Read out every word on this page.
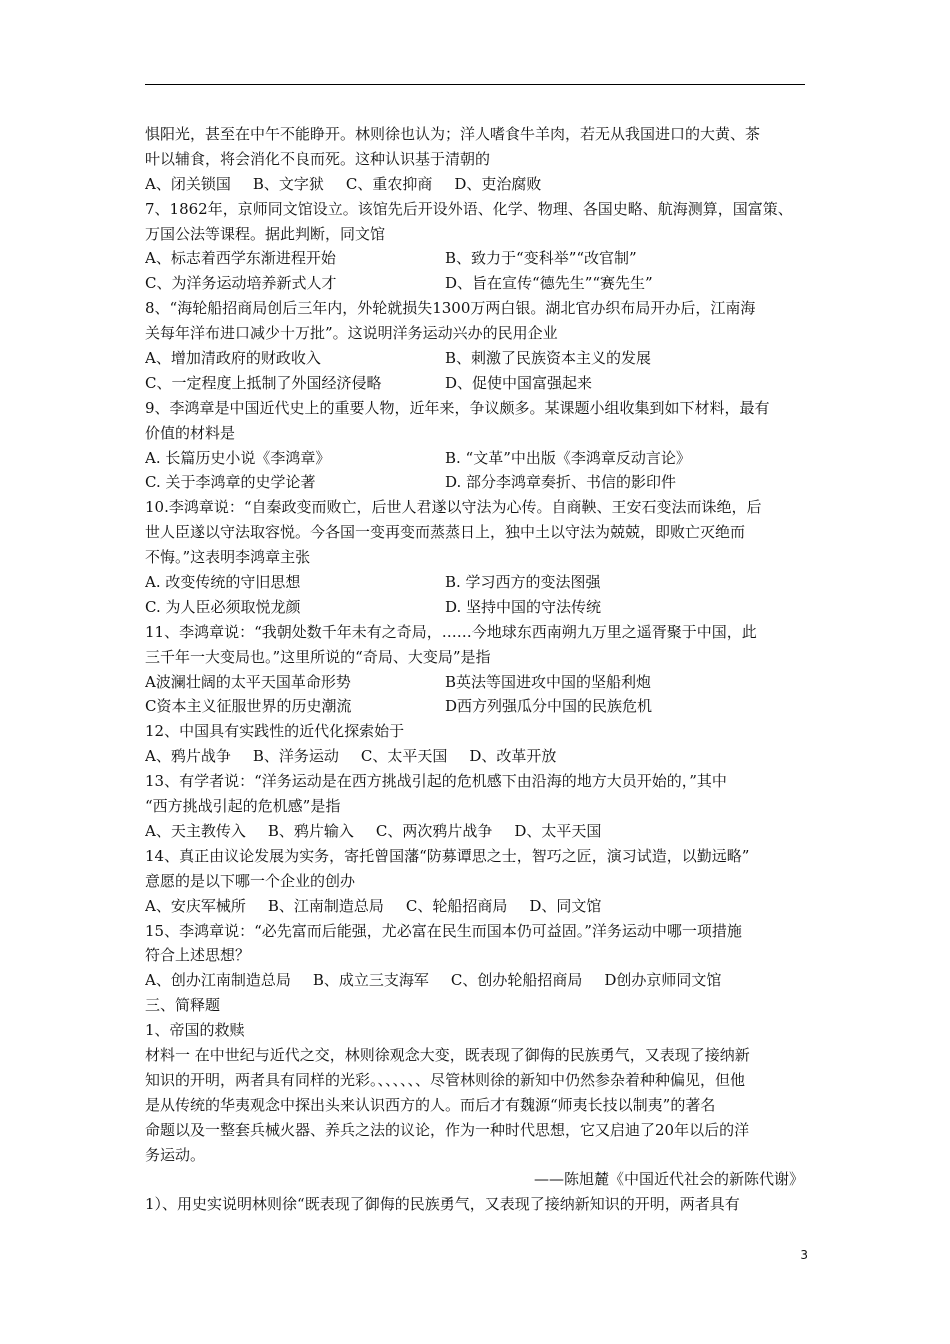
惧阳光，甚至在中午不能睁开。林则徐也认为；洋人嗜食牛羊肉，若无从我国进口的大黄、茶
叶以辅食，将会消化不良而死。这种认识基于清朝的
A、闭关锁国 B、文字狱 C、重农抑商 D、吏治腐败
7、1862年，京师同文馆设立。该馆先后开设外语、化学、物理、各国史略、航海测算，国富策、
万国公法等课程。据此判断，同文馆
A、标志着西学东渐进程开始	B、致力于“变科举”“改官制”
C、为洋务运动培养新式人才	D、旨在宣传“德先生”“赛先生”
8、“海轮船招商局创后三年内，外轮就损失1300万两白银。湖北官办织布局开办后，江南海
关每年洋布进口减少十万批”。这说明洋务运动兴办的民用企业
A、增加清政府的财政收入	B、刺激了民族资本主义的发展
C、一定程度上抵制了外国经济侵略	D、促使中国富强起来
9、李鸿章是中国近代史上的重要人物，近年来，争议颇多。某课题小组收集到如下材料，最有
价值的材料是
A. 长篇历史小说《李鸿章》	B. “文革”中出版《李鸿章反动言论》
C. 关于李鸿章的史学论著	D. 部分李鸿章奏折、书信的影印件
10.李鸿章说：“自秦政变而败亡，后世人君遂以守法为心传。自商鞅、王安石变法而诛绝，后
世人臣遂以守法取容悦。今各国一变再变而蒸蒸日上，独中土以守法为兢兢，即败亡灭绝而
不悔。”这表明李鸿章主张
A. 改变传统的守旧思想	B. 学习西方的变法图强
C. 为人臣必须取悦龙颜	D. 坚持中国的守法传统
11、李鸿章说：“我朝处数千年未有之奇局，……今地球东西南朔九万里之遥胥聚于中国，此
三千年一大变局也。”这里所说的“奇局、大变局”是指
A波澜壮阔的太平天国革命形势	B英法等国进攻中国的坚船利炮
C资本主义征服世界的历史潮流	D西方列强瓜分中国的民族危机
12、中国具有实践性的近代化探索始于
A、鸦片战争 B、洋务运动 C、太平天国 D、改革开放
13、有学者说：“洋务运动是在西方挑战引起的危机感下由沿海的地方大员开始的，”其中
“西方挑战引起的危机感”是指
A、天主教传入 B、鸦片输入 C、两次鸦片战争 D、太平天国
14、真正由议论发展为实务，寄托曾国藩“防募谭思之士，智巧之匠，演习试造，以勤远略”
意愿的是以下哪一个企业的创办
A、安庆军械所 B、江南制造总局 C、轮船招商局 D、同文馆
15、李鸿章说：“必先富而后能强，尤必富在民生而国本仍可益固。”洋务运动中哪一项措施
符合上述思想？
A、创办江南制造总局 B、成立三支海军 C、创办轮船招商局 D创办京师同文馆
三、简释题
1、帝国的救赎
材料一 在中世纪与近代之交，林则徐观念大变，既表现了御侮的民族勇气，又表现了接纳新
知识的开明，两者具有同样的光彩。、、、、、、尽管林则徐的新知中仍然参杂着种种偏见，但他
是从传统的华夷观念中探出头来认识西方的人。而后才有魏源“师夷长技以制夷”的著名
命题以及一整套兵械火器、养兵之法的议论，作为一种时代思想，它又启迪了20年以后的洋
务运动。
——陈旭麓《中国近代社会的新陈代谢》
1）、用史实说明林则徐“既表现了御侮的民族勇气，又表现了接纳新知识的开明，两者具有
3
